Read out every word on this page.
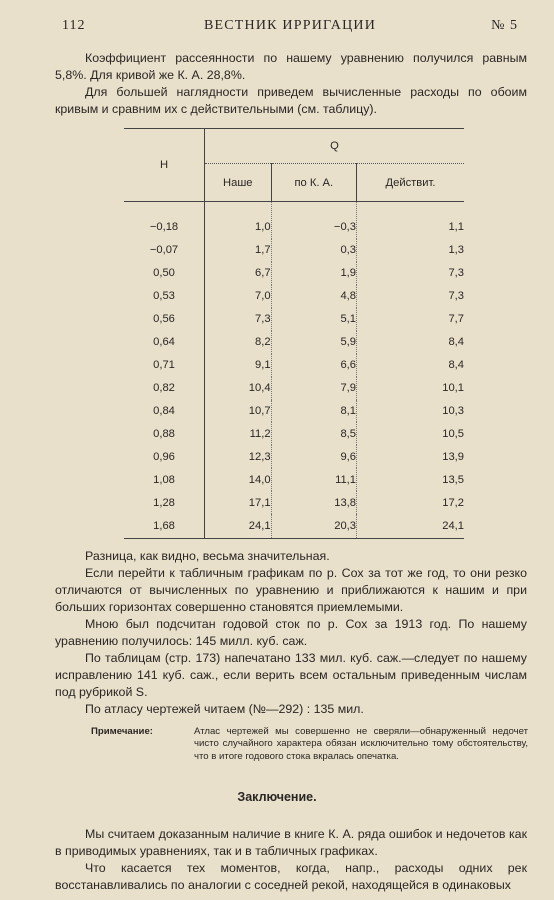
112	ВЕСТНИК ИРРИГАЦИИ	№ 5

Коэффициент рассеянности по нашему уравнению получился равным 5,8%. Для кривой же К. А. 28,8%.

Для большей наглядности приведем вычисленные расходы по обоим кривым и сравним их с действительными (см. таблицу).

H	Q		
	Наше	по К. А.	Действит.
−0,18	1,0	−0,3	1,1
−0,07	1,7	0,3	1,3
0,50	6,7	1,9	7,3
0,53	7,0	4,8	7,3
0,56	7,3	5,1	7,7
0,64	8,2	5,9	8,4
0,71	9,1	6,6	8,4
0,82	10,4	7,9	10,1
0,84	10,7	8,1	10,3
0,88	11,2	8,5	10,5
0,96	12,3	9,6	13,9
1,08	14,0	11,1	13,5
1,28	17,1	13,8	17,2
1,68	24,1	20,3	24,1

Разница, как видно, весьма значительная.

Если перейти к табличным графикам по р. Сох за тот же год, то они резко отличаются от вычисленных по уравнению и приближаются к нашим и при больших горизонтах совершенно становятся приемлемыми.

Мною был подсчитан годовой сток по р. Сох за 1913 год. По нашему уравнению получилось: 145 милл. куб. саж.

По таблицам (стр. 173) напечатано 133 мил. куб. саж.—следует по нашему исправлению 141 куб. саж., если верить всем остальным приведенным числам под рубрикой S.

По атласу чертежей читаем (№—292) : 135 мил.

Примечание:	Атлас чертежей мы совершенно не сверяли—обнаруженный недочет чисто случайного характера обязан исключительно тому обстоятельству, что в итоге годового стока вкралась опечатка.
Заключение.

Мы считаем доказанным наличие в книге К. А. ряда ошибок и недочетов как в приводимых уравнениях, так и в табличных графиках.

Что касается тех моментов, когда, напр., расходы одних рек восстанавливались по аналогии с соседней рекой, находящейся в одинаковых
